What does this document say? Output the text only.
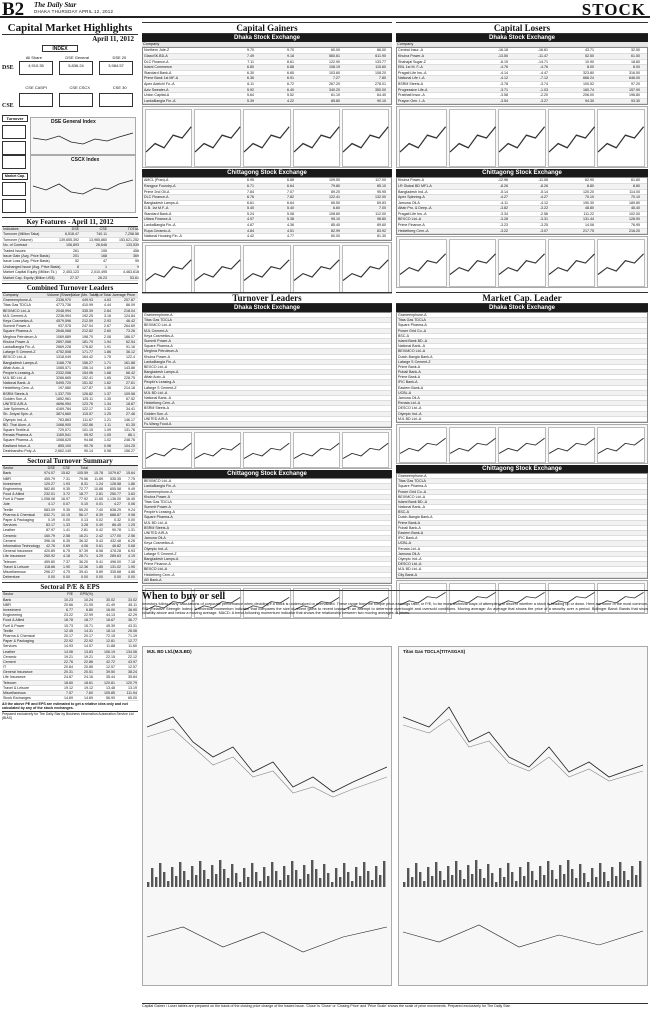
B2 The Daily Star
DHAKA THURSDAY APRIL 12, 2012	STOCK
Capital Market Highlights
April 11, 2012
INDEX
DSE
All Share	DSE General	DSE 20
4,910.35	5,836.24	3,984.57
CSE
CSE CASPI	CSE CSCX	CSE 30
Turnover
DSE General Index
Market Cap.
CSCX Index
Key Features - April 11, 2012
Indicators	DSE	CSE	TOTAL
Turnover (Million Taka)	6,518.47	740.11	7,258.58
Turnover (Volume)	139,655,392	13,965,860	153,621,252
No. of Contract	106,893	26,646	133,539
Traded Issues	261	195	456
Issue Gain (Avg. Price Basis)	201	168	369
Issue Loss (Avg. Price Basis)	52	47	99
Unchanged Issue (Avg. Price Basis)	8	1	9
Market Capital Equity (Million Tk.)	2,453,123	2,010,495	4,463,618
Market Cap. Equity (Billion US$)	27.37	26.23	53.61
Combined Turnover Leaders
Company	Volume (Share) Value (Mn. Taka)
% of Total Average Price
Grameenphone-A	2336,970	449.93	4.63	207.87
Titas Gas TDCLA	4773,736	410.99	4.44	86.09
BEXIMCO Ltd.-A	2048,994	335.39	2.84	218.04
MJL Cement-A	2236,994	192.25	3.16	124.84
Keya Cosmetics-A	4579,596	212.59	2.93	46.42
Summit Power-A	937,578	247.04	2.67	264.69
Square Pharma-A	2646,068	212.82	2.60	73.26
Meghna Petroleum-A	1069,889	198.70	2.08	186.07
Khulna Power-A	2897,068	181.79	1.94	62.54
LankaBangla Fin.-A	2669,228	176.82	1.91	91.16
Lafarge S Cement-Z	4752,508	171.77	1.86	36.12
BEXCO Ltd.-A	1318,049	164.42	1.75	122.4
Bangladesh Lamps-A	1168,778	156.27	1.71	161.88
Aftab Auto.-A	1085,571	156.14	1.69	143.86
People's Leasing-A	2332,058	154.96	1.68	66.42
MJL BD Ltd.-A	3266,665	152.41	1.65	228.75
National Bank.-A	5495,720	151.52	1.62	27.61
Heidelberg Cem.-A	197,580	127.87	1.38	214.18
BSRM Steels-A	1,337,700	126.82	1.37	109.58
Golden Son.-A	1852,961	125.11	1.35	67.52
UNITED AIR-A	4696,954	123.76	1.34	18.87
Jute Spinners-A	4169,784	122.17	1.32	34.41
Sh. Jiniyat Spin.-A	3874,660	115.57	1.25	27.46
Olympic Ind.-A	763,863	111.67	1.21	146.17
BD. Thai Alum.-A	1068,900	102.86	1.11	61.35
Square Textile-A	729,071	101.15	1.09	131.76
Renata Pharma-A	1169,541	95.92	1.05	86.1
Square Pharma.-A	1068,625	94.68	1.02	248.76
Eastland Insur.-A	855,100	90.76	0.98	104.25
Deshbandhu Poly.-A	2,662,140	90.14	0.98	156.27
Sectoral Turnover Summary
Sector	DSE	CSE	Total
Bank	974.07	15.62	105.59	15.78	1079.67	15.64
NBFI	455.79	7.31	79.56	11.89	535.35	7.75
Investment	120.27	1.93	8.31	1.24	128.58	1.86
Engineering	582.80	9.35	72.77	10.88	655.58	9.49
Food & Allied	232.01	3.72	18.77	2.81	250.77	3.63
Fuel & Power	1,058.08	16.97	77.92	11.65	1,136.00	16.45
Jute	4.17	0.07	0.10	0.01	4.27	0.06
Textile	583.09	9.35	55.20	7.40	638.29	9.24
Pharma & Chemical	632.71	10.15	56.17	8.39	688.87	9.98
Paper & Packaging	0.19	0.00	0.13	0.02	0.32	0.00
Services	83.17	1.33	3.28	0.49	86.45	1.25
Leather	87.97	1.41	2.81	0.42	90.78	1.31
Ceramic	160.79	2.58	16.21	2.42	177.00	2.56
Cement	396.16	6.35	36.32	5.43	432.48	6.26
Information Technology	42.76	0.69	4.06	0.61	46.82	0.68
General Insurance	420.89	6.75	57.39	8.58	478.28	6.93
Life Insurance	260.92	4.18	28.71	4.29	289.63	4.19
Telecom	459.80	7.37	36.20	5.41	496.00	7.18
Travel & Leisure	118.66	1.90	12.36	1.85	131.02	1.90
Miscellaneous	296.27	4.75	39.41	5.89	335.68	4.86
Debenture	0.00	0.00	0.00	0.00	0.00	0.00
Sectoral P/E & EPS
Sector	P/E	EPS(%)
Bank	10.23	10.24	30.02	33.02
NBFI	20.66	21.05	41.49	45.11
Investment	6.77	6.80	16.00	38.90
Engineering	23.22	22.99	44.13	42.29
Food & Allied	18.78	18.77	16.67	36.77
Fuel & Power	15.73	15.71	45.39	43.31
Textile	12.45	14.31	18.14	26.06
Pharma & Chemical	20.17	20.17	72.15	71.19
Paper & Packaging	22.92	22.92	12.81	12.77
Services	14.93	14.57	11.88	11.60
Leather	14.06	13.83	106.19	134.06
Ceramic	19.21	19.21	22.15	22.12
Cement	22.76	22.86	42.72	43.97
IT	20.84	20.85	12.57	12.57
General Insurance	20.31	20.51	39.50	38.24
Life Insurance	24.87	24.16	35.44	35.84
Telecom	18.60	18.61	120.81	120.79
Travel & Leisure	19.12	19.12	13.48	13.19
Miscellaneous	7.57	7.60	105.85	111.94
Stock Exchanges	14.69	14.69	56.90	65.00
All the above PE and EPS are estimated to get a relative idea only and not calculated by any of the stock exchanges.
Prepared exclusively for The Daily Star by Business Information Automation Service Ltd (BIAS)
Capital Gainers
Dhaka Stock Exchange
Company
Northern Jute-Z	9.70	9.70	60.00	66.00
GlaxoSK.BD-A	7.49	9.18	560.61	611.90
DLC Finance-A	7.11	8.61	122.90	133.77
Islami Commerce	6.80	6.88	108.19	115.60
Standard Bank-A	6.30	6.65	103.60	108.20
Prime Bank 1st MF-A	6.36	6.91	7.27	7.80
Apex Adelchi Fo.-A	6.11	6.72	267.20	278.01
Aziz Sweater-A	5.92	6.40	340.20	350.00
Union Capital-A	5.64	5.52	61.10	64.40
LankaBangla Fin.-A	5.39	4.22	85.80	90.10
Chittagong Stock Exchange
AMCL (Pran)-A	6.95	6.88	109.50	117.00
Rangpur Foundry-A	6.71	6.64	79.80	85.10
Prime 2nd Oil-A	7.84	7.07	89.20	95.95
DLC Finance-A	6.76	7.82	122.41	132.00
Bangladesh Lamps-A	6.61	6.64	65.50	69.83
G.B. 1st M.F.-A	5.40	5.40	6.60	7.00
Standard Bank-A	5.24	5.08	108.80	112.00
Uttara Finance-A	4.97	5.38	95.10	98.80
LankaBangla Fin.-A	4.87	4.36	85.40	89.60
Rupa Ceramic-A	4.84	4.51	82.99	83.92
National Housing Fin.-A	4.42	4.77	60.00	81.30
Capital Losers
Dhaka Stock Exchange
Company
Central Insur.-A	-16.18	-16.61	43.71	32.50
Khulna Power-A	-13.50	-11.47	52.50	61.50
Shahajal Sugar-Z	-6.19	-14.71	10.90	18.60
EBL 1st M. F.-A	-4.76	-4.76	8.00	8.00
Pragati Life Ins.-A	-4.14	-4.47	323.80	316.50
National Life I.-A	-4.12	-7.12	666.24	646.00
BSRM Steels-A	-3.78	-3.74	100.52	97.20
Progressive Life-A	-3.71	-1.03	160.74	157.90
Prabhati Insur.-A	-3.58	-2.20	206.00	196.80
Prayon Gen. I.-A	-3.54	-3.27	94.30	93.30
Chittagong Stock Exchange
Khulna Power-A	-12.96	-11.06	62.90	61.60
LR Global BD MF1-A	-8.26	-8.26	8.80	8.80
Bangladesh Ind.-A	-5.14	-5.14	120.20	114.00
Apex Spinning-A	-4.27	-4.27	70.10	70.10
Jamuna Oil-A	-4.11	-4.12	190.30	189.80
Aftab Pro. & Deep.-A	-3.82	-3.22	48.80	46.40
Pragati Life Ins.-A	-3.34	-2.56	111.22	102.00
BEXCO Ltd.-A	-3.28	-3.31	131.44	128.90
Prime Finance-A	-3.23	-3.25	14.06	76.95
Heidelberg Cem.-A	-3.22	-3.07	217.75	216.20
Turnover Leaders
Dhaka Stock Exchange
Grameenphone-A
Titas Gas TDCLA
BEXIMCO Ltd.-A
MJL Cement-A
Keya Cosmetics-A
Summit Power-A
Square Pharma-A
Meghna Petroleum-A
Khulna Power-A
LankaBangla Fin.-A
BEXCO Ltd.-A
Bangladesh Lamps-A
Aftab Auto.-A
People's Leasing-A
Lafarge S Cement-Z
MJL BD Ltd.-A
National Bank.-A
Heidelberg Cem.-A
BSRM Steels-A
Golden Son.-A
UNITED AIR-A
Fu-Wang Food-A
Chittagong Stock Exchange
BEXIMCO Ltd.-A
LankaBangla Fin.-A
Grameenphone-A
Khulna Power-A
Titas Gas TDCLA
Summit Power-A
People's Leasing-A
Square Pharma-A
MJL BD Ltd.-A
BSRM Steels-A
UNITED AIR-A
Jamuna Oil-A
Keya Cosmetics-A
Olympic Ind.-A
Lafarge S Cement-Z
Bangladesh Lamps-A
Prime Finance-A
BEXCO Ltd.-A
Heidelberg Cem.-A
AB Bank-A
Market Cap. Leader
Dhaka Stock Exchange
Grameenphone-A
Titas Gas TDCLA
Square Pharma-A
Power Grid Co.-A
BSC-A
Islami Bank BD.-A
National Bank.-A
BEXIMCO Ltd.-A
Dutch-Bangla Bank-A
Lafarge S Cement-Z
Prime Bank-A
Pubali Bank-A
Prime Bank-A
IFIC Bank-A
Eastern Bank-A
UCBL-A
Jamuna Oil-A
Renata Ltd.-A
DESCO Ltd.-A
Olympic Ind.-A
MJL BD Ltd.-A
Chittagong Stock Exchange
Grameenphone-A
Titas Gas TDCLA
Square Pharma-A
Power Grid Co.-A
BEXIMCO Ltd.-A
Islami Bank BD.-A
National Bank.-A
BSC-A
Dutch-Bangla Bank-A
Prime Bank-A
Pubali Bank-A
Eastern Bank-A
IFIC Bank-A
UCBL-A
Renata Ltd.-A
Jamuna Oil-A
Olympic Ind.-A
DESCO Ltd.-A
MJL BD Ltd.-A
City Bank-A
When to buy or sell
Investors follow many calculations of corporate performance when deciding if a stock is undervalued or overvalued. These range from the simple price-earnings ratio, or P/E, to far more technical ways of attempting to discern whether a stock is heading up or down. Here are some of the most common. RSI (Relative Strength Index): A technical momentum indicator that compares the size of recent gains to recent losses, in an attempt to determine overbought and oversold conditions. Moving average: An average that shows the price of a security over a period. Bollinger Band: Bands that show volatility above and below a moving average. MACD: A trend-following momentum indicator that shows the relationship between two moving averages of prices.
MJL BD Ltd.(MJLBD)	Titas Gas TDCLA(TITASGAS)
Capital Gainer / Loser tables are prepared on the basis of the closing price change of the traded issue. 'Close' is 'Close' or 'Closing Price' and 'Price Scale' shows the scale of price movements. Prepared exclusively for The Daily Star.
